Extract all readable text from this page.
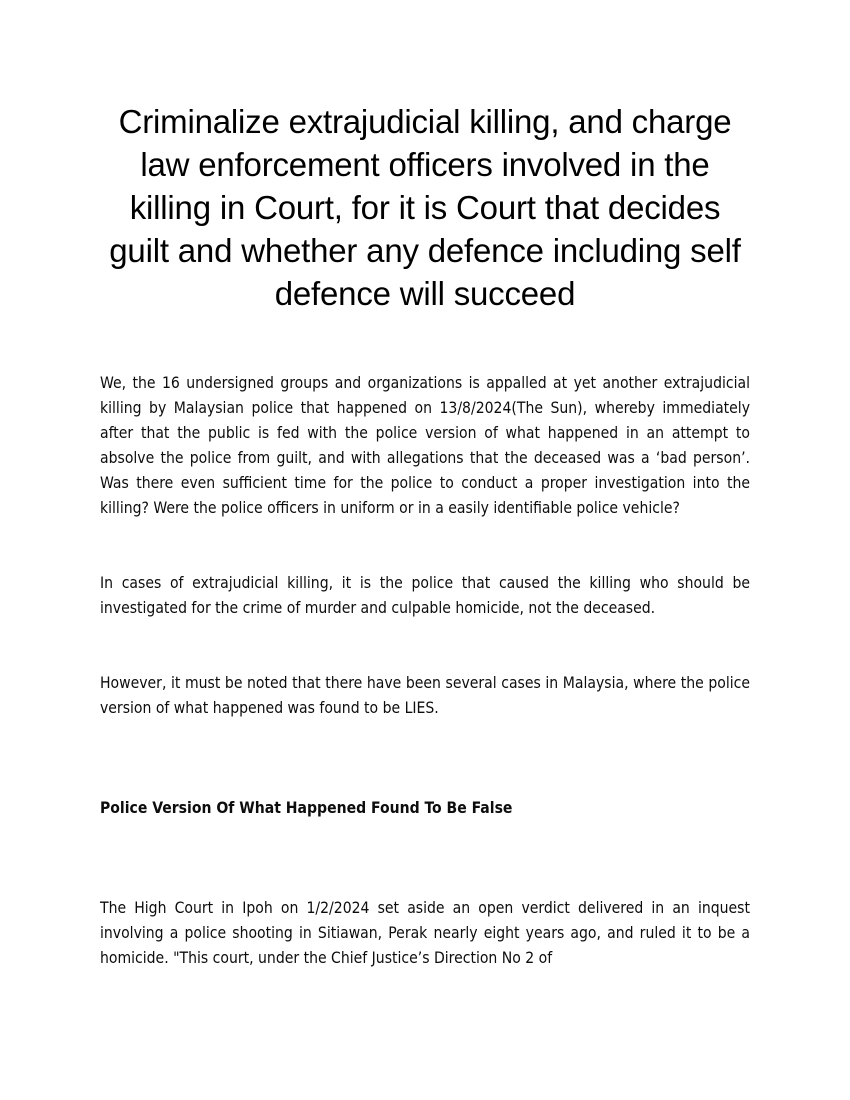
Criminalize extrajudicial killing, and charge law enforcement officers involved in the killing in Court, for it is Court that decides guilt and whether any defence including self defence will succeed

We, the 16 undersigned groups and organizations is appalled at yet another extrajudicial killing by Malaysian police that happened on 13/8/2024(The Sun), whereby immediately after that the public is fed with the police version of what happened in an attempt to absolve the police from guilt, and with allegations that the deceased was a ‘bad person’. Was there even sufficient time for the police to conduct a proper investigation into the killing? Were the police officers in uniform or in a easily identifiable police vehicle?

In cases of extrajudicial killing, it is the police that caused the killing who should be investigated for the crime of murder and culpable homicide, not the deceased.

However, it must be noted that there have been several cases in Malaysia, where the police version of what happened was found to be LIES.

Police Version Of What Happened Found To Be False

The High Court in Ipoh on 1/2/2024 set aside an open verdict delivered in an inquest involving a police shooting in Sitiawan, Perak nearly eight years ago, and ruled it to be a homicide. "This court, under the Chief Justice’s Direction No 2 of
